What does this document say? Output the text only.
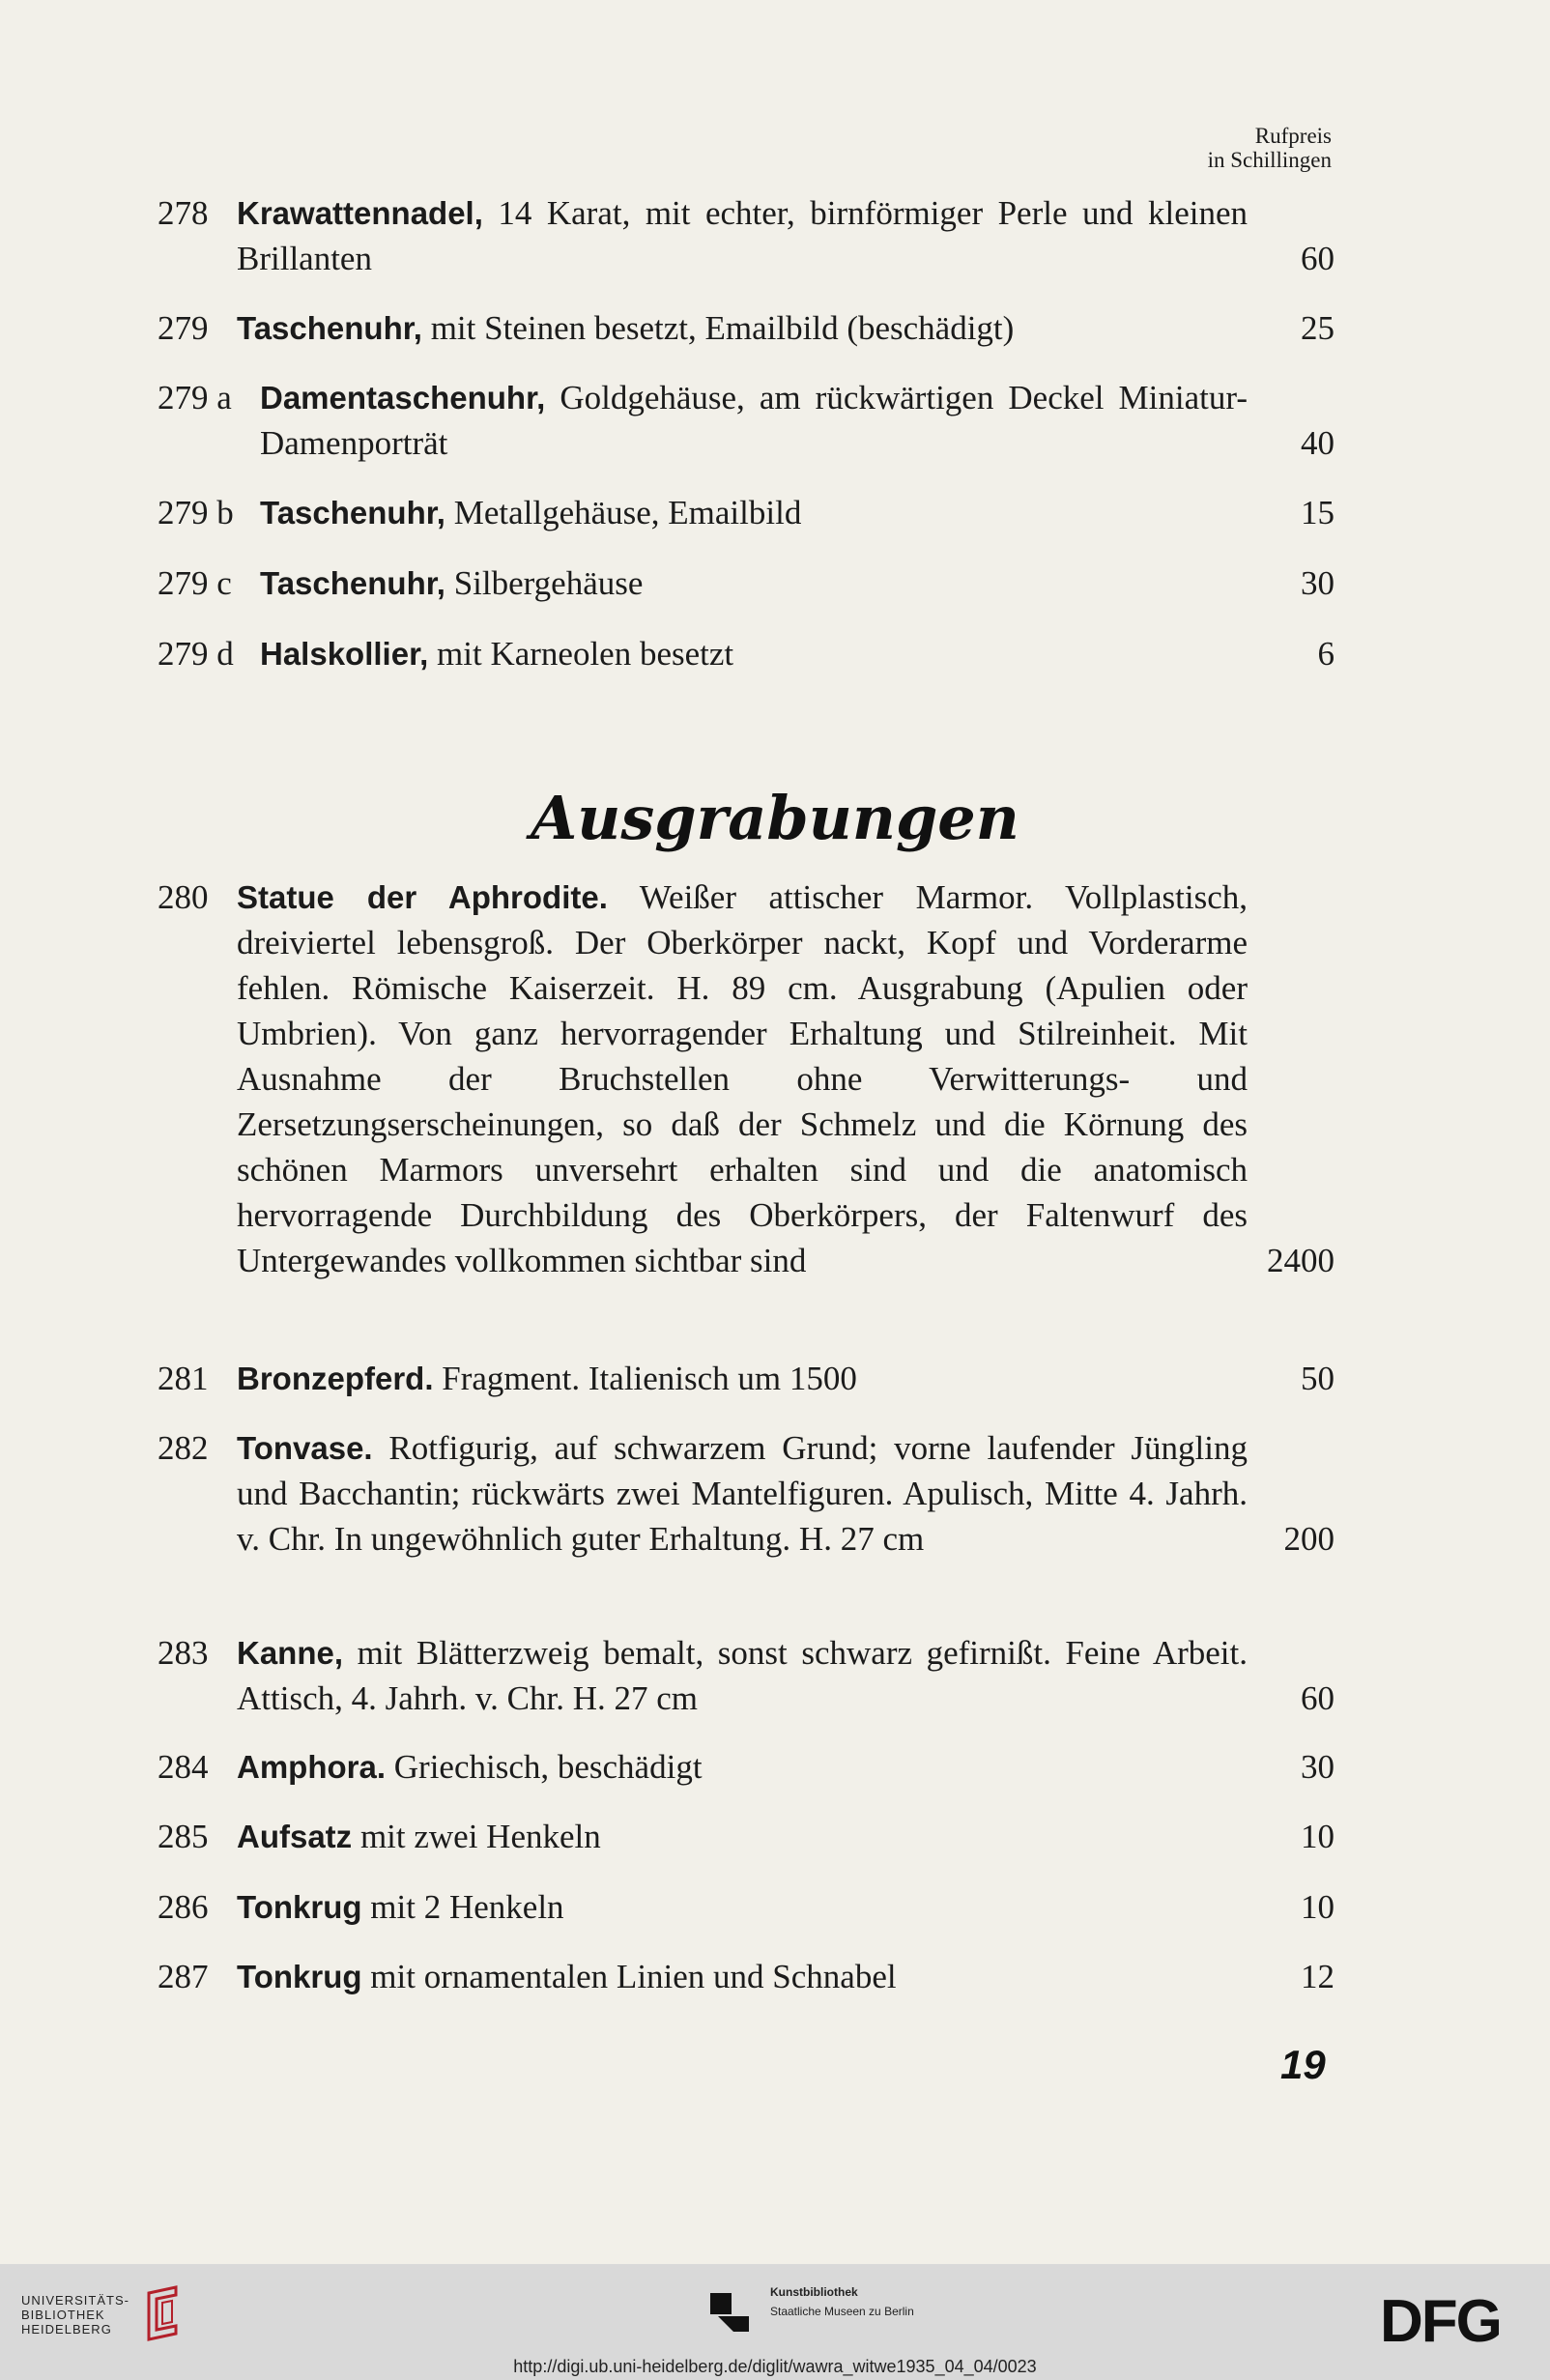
Rufpreis
in Schillingen
278 Krawattennadel, 14 Karat, mit echter, birnförmiger Perle und kleinen Brillanten	60
279 Taschenuhr, mit Steinen besetzt, Emailbild (beschädigt)	25
279 a Damentaschenuhr, Goldgehäuse, am rückwärtigen Deckel Miniatur-Damenporträt	40
279 b Taschenuhr, Metallgehäuse, Emailbild	15
279 c Taschenuhr, Silbergehäuse	30
279 d Halskollier, mit Karneolen besetzt	6
Ausgrabungen
280 Statue der Aphrodite. Weißer attischer Marmor. Vollplastisch, dreiviertel lebensgroß. Der Oberkörper nackt, Kopf und Vorderarme fehlen. Römische Kaiserzeit. H. 89 cm. Ausgrabung (Apulien oder Umbrien). Von ganz hervorragender Erhaltung und Stilreinheit. Mit Ausnahme der Bruchstellen ohne Verwitterungs- und Zersetzungserscheinungen, so daß der Schmelz und die Körnung des schönen Marmors unversehrt erhalten sind und die anatomisch hervorragende Durchbildung des Oberkörpers, der Faltenwurf des Untergewandes vollkommen sichtbar sind	2400
281 Bronzepferd. Fragment. Italienisch um 1500	50
282 Tonvase. Rotfigurig, auf schwarzem Grund; vorne laufender Jüngling und Bacchantin; rückwärts zwei Mantelfiguren. Apulisch, Mitte 4. Jahrh. v. Chr. In ungewöhnlich guter Erhaltung. H. 27 cm	200
283 Kanne, mit Blätterzweig bemalt, sonst schwarz gefirnißt. Feine Arbeit. Attisch, 4. Jahrh. v. Chr. H. 27 cm	60
284 Amphora. Griechisch, beschädigt	30
285 Aufsatz mit zwei Henkeln	10
286 Tonkrug mit 2 Henkeln	10
287 Tonkrug mit ornamentalen Linien und Schnabel	12
19
UNIVERSITÄTS-
BIBLIOTHEK
HEIDELBERG
Kunstbibliothek
Staatliche Museen zu Berlin	DFG
http://digi.ub.uni-heidelberg.de/diglit/wawra_witwe1935_04_04/0023
